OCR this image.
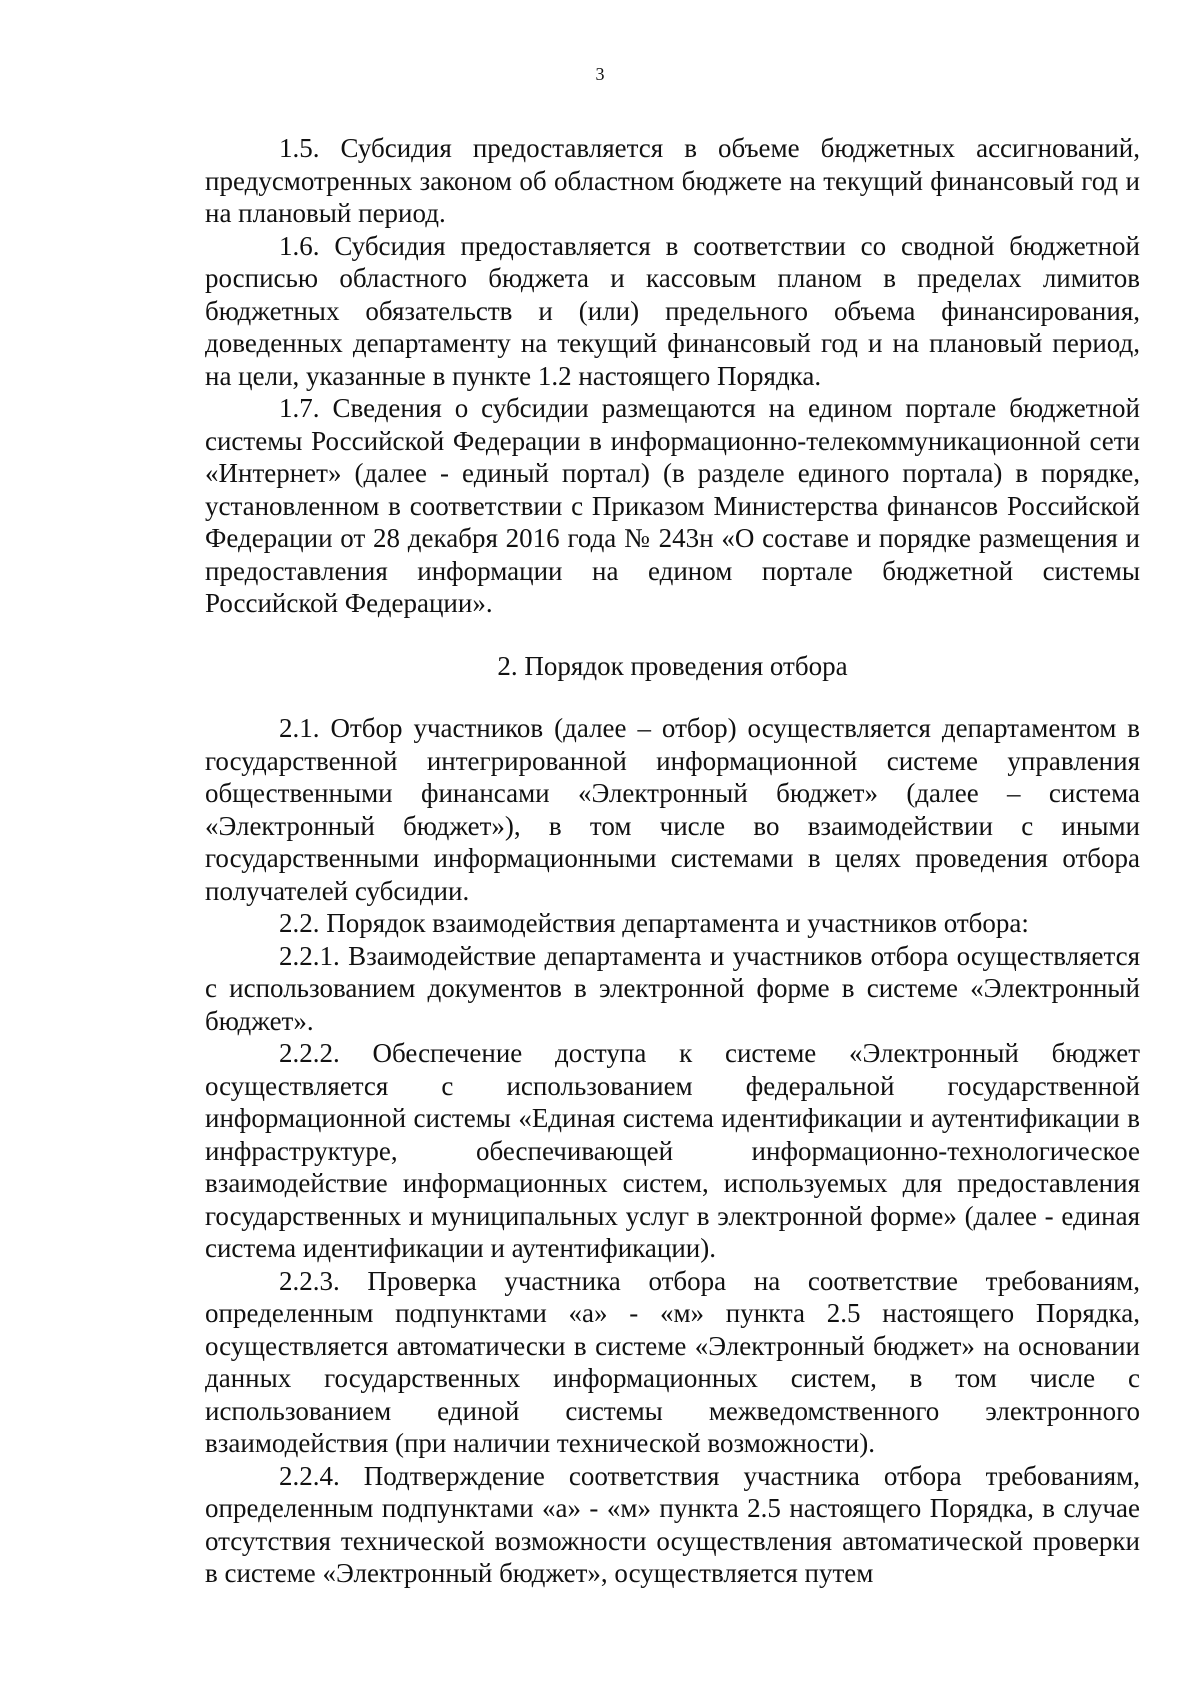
3

1.5. Субсидия предоставляется в объеме бюджетных ассигнований, предусмотренных законом об областном бюджете на текущий финансовый год и на плановый период.

1.6. Субсидия предоставляется в соответствии со сводной бюджетной росписью областного бюджета и кассовым планом в пределах лимитов бюджетных обязательств и (или) предельного объема финансирования, доведенных департаменту на текущий финансовый год и на плановый период, на цели, указанные в пункте 1.2 настоящего Порядка.

1.7. Сведения о субсидии размещаются на едином портале бюджетной системы Российской Федерации в информационно-телекоммуникационной сети «Интернет» (далее - единый портал) (в разделе единого портала) в порядке, установленном в соответствии с Приказом Министерства финансов Российской Федерации от 28 декабря 2016 года № 243н «О составе и порядке размещения и предоставления информации на едином портале бюджетной системы Российской Федерации».

2. Порядок проведения отбора

2.1. Отбор участников (далее – отбор) осуществляется департаментом в государственной интегрированной информационной системе управления общественными финансами «Электронный бюджет» (далее – система «Электронный бюджет»), в том числе во взаимодействии с иными государственными информационными системами в целях проведения отбора получателей субсидии.

2.2. Порядок взаимодействия департамента и участников отбора:

2.2.1. Взаимодействие департамента и участников отбора осуществляется с использованием документов в электронной форме в системе «Электронный бюджет».

2.2.2. Обеспечение доступа к системе «Электронный бюджет осуществляется с использованием федеральной государственной информационной системы «Единая система идентификации и аутентификации в инфраструктуре, обеспечивающей информационно-технологическое взаимодействие информационных систем, используемых для предоставления государственных и муниципальных услуг в электронной форме» (далее - единая система идентификации и аутентификации).

2.2.3. Проверка участника отбора на соответствие требованиям, определенным подпунктами «а» - «м» пункта 2.5 настоящего Порядка, осуществляется автоматически в системе «Электронный бюджет» на основании данных государственных информационных систем, в том числе с использованием единой системы межведомственного электронного взаимодействия (при наличии технической возможности).

2.2.4. Подтверждение соответствия участника отбора требованиям, определенным подпунктами «а» - «м» пункта 2.5 настоящего Порядка, в случае отсутствия технической возможности осуществления автоматической проверки в системе «Электронный бюджет», осуществляется путем
